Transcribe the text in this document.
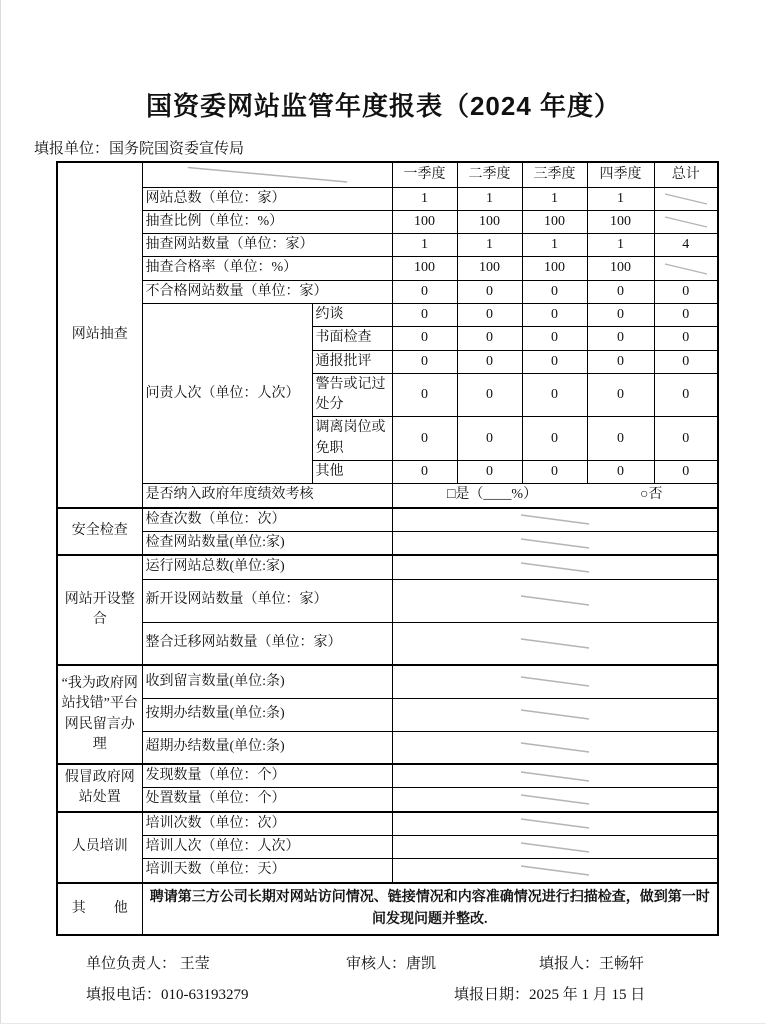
国资委网站监管年度报表（2024 年度）
填报单位：国务院国资委宣传局
网站抽查			一季度	二季度	三季度	四季度	总计
	网站总数（单位：家）		1	1	1	1	

	抽查比例（单位：%）		100	100	100	100	

	抽查网站数量（单位：家）		1	1	1	1	4
	抽查合格率（单位：%）		100	100	100	100	

	不合格网站数量（单位：家）		0	0	0	0	0
	问责人次（单位：人次）	约谈	0	0	0	0	0
		书面检查	0	0	0	0	0
		通报批评	0	0	0	0	0
		警告或记过处分	0	0	0	0	0
		调离岗位或免职	0	0	0	0	0
		其他	0	0	0	0	0
	是否纳入政府年度绩效考核		□是（____%） ○否				

安全检查	检查次数（单位：次）	

	检查网站数量(单位:家)	

网站开设整合	运行网站总数(单位:家)	

	新开设网站数量（单位：家）	

	整合迁移网站数量（单位：家）	

“我为政府网站找错”平台网民留言办理	收到留言数量(单位:条)	

	按期办结数量(单位:条)	

	超期办结数量(单位:条)	

假冒政府网站处置	发现数量（单位：个）	

	处置数量（单位：个）	

人员培训	培训次数（单位：次）	

	培训人次（单位：人次）	

	培训天数（单位：天）	

其　　他	聘请第三方公司长期对网站访问情况、链接情况和内容准确情况进行扫描检查，做到第一时间发现问题并整改.						
单位负责人： 王莹	审核人：唐凯	填报人：王畅轩
填报电话：010-63193279	填报日期：2025 年 1 月 15 日
